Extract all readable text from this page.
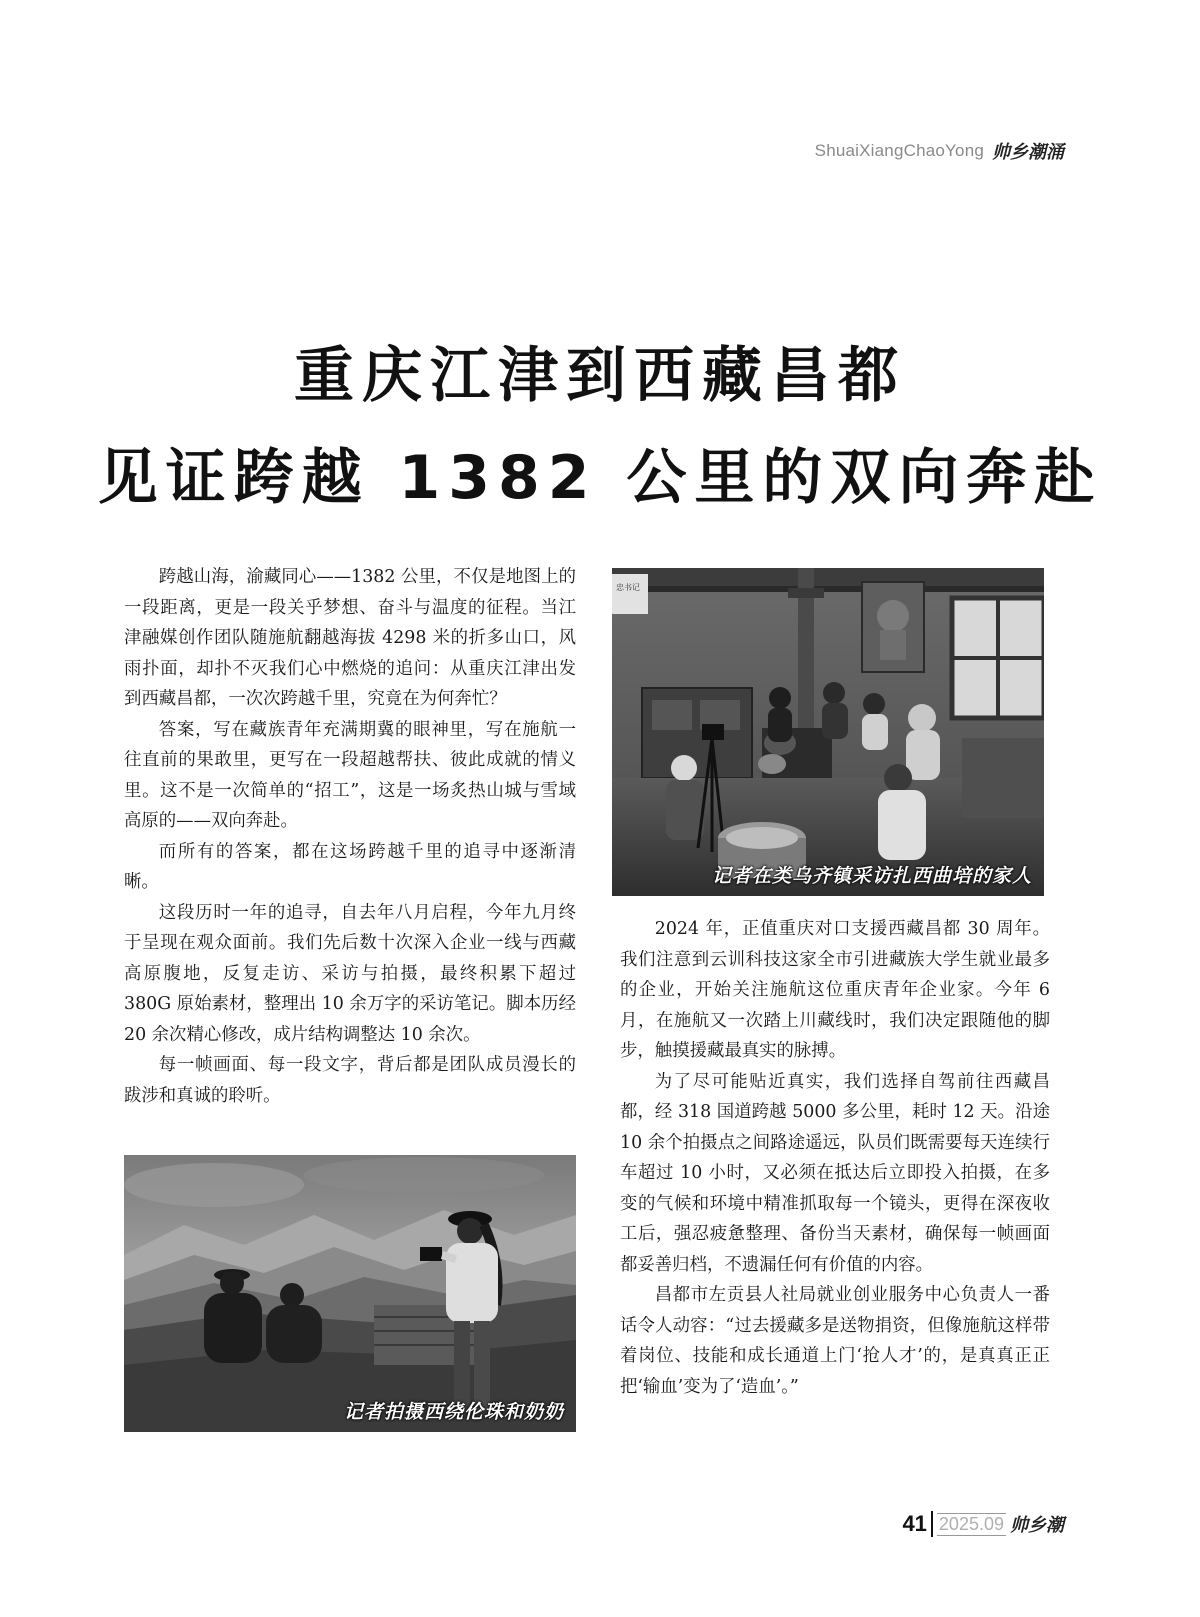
ShuaiXiangChaoYong 帅乡潮涌
重庆江津到西藏昌都
见证跨越 1382 公里的双向奔赴

跨越山海，渝藏同心——1382 公里，不仅是地图上的一段距离，更是一段关乎梦想、奋斗与温度的征程。当江津融媒创作团队随施航翻越海拔 4298 米的折多山口，风雨扑面，却扑不灭我们心中燃烧的追问：从重庆江津出发到西藏昌都，一次次跨越千里，究竟在为何奔忙？

答案，写在藏族青年充满期冀的眼神里，写在施航一往直前的果敢里，更写在一段超越帮扶、彼此成就的情义里。这不是一次简单的“招工”，这是一场炙热山城与雪域高原的——双向奔赴。

而所有的答案，都在这场跨越千里的追寻中逐渐清晰。

这段历时一年的追寻，自去年八月启程，今年九月终于呈现在观众面前。我们先后数十次深入企业一线与西藏高原腹地，反复走访、采访与拍摄，最终积累下超过 380G 原始素材，整理出 10 余万字的采访笔记。脚本历经 20 余次精心修改，成片结构调整达 10 余次。

每一帧画面、每一段文字，背后都是团队成员漫长的跋涉和真诚的聆听。

忠书记
记者在类乌齐镇采访扎西曲培的家人

2024 年，正值重庆对口支援西藏昌都 30 周年。我们注意到云训科技这家全市引进藏族大学生就业最多的企业，开始关注施航这位重庆青年企业家。今年 6 月，在施航又一次踏上川藏线时，我们决定跟随他的脚步，触摸援藏最真实的脉搏。

为了尽可能贴近真实，我们选择自驾前往西藏昌都，经 318 国道跨越 5000 多公里，耗时 12 天。沿途 10 余个拍摄点之间路途遥远，队员们既需要每天连续行车超过 10 小时，又必须在抵达后立即投入拍摄，在多变的气候和环境中精准抓取每一个镜头，更得在深夜收工后，强忍疲惫整理、备份当天素材，确保每一帧画面都妥善归档，不遗漏任何有价值的内容。

昌都市左贡县人社局就业创业服务中心负责人一番话令人动容：“过去援藏多是送物捐资，但像施航这样带着岗位、技能和成长通道上门‘抢人才’的，是真真正正把‘输血’变为了‘造血’。”

记者拍摄西绕伦珠和奶奶
41 2025.09 帅乡潮
